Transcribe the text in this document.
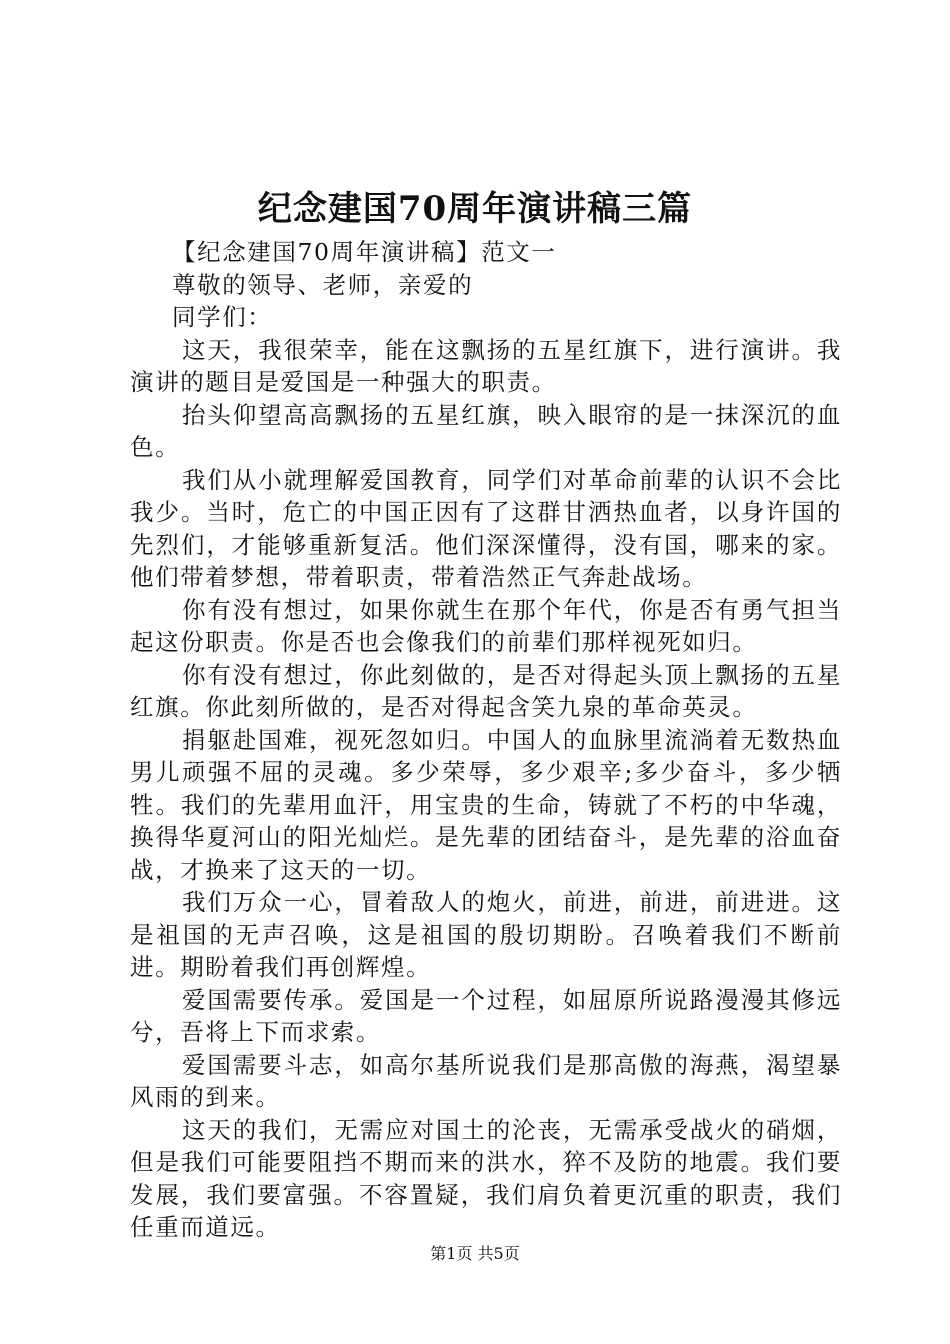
纪念建国70周年演讲稿三篇

【纪念建国70周年演讲稿】范文一

尊敬的领导、老师，亲爱的

同学们：

这天，我很荣幸，能在这飘扬的五星红旗下，进行演讲。我演讲的题目是爱国是一种强大的职责。

抬头仰望高高飘扬的五星红旗，映入眼帘的是一抹深沉的血色。

我们从小就理解爱国教育，同学们对革命前辈的认识不会比我少。当时，危亡的中国正因有了这群甘洒热血者，以身许国的先烈们，才能够重新复活。他们深深懂得，没有国，哪来的家。他们带着梦想，带着职责，带着浩然正气奔赴战场。

你有没有想过，如果你就生在那个年代，你是否有勇气担当起这份职责。你是否也会像我们的前辈们那样视死如归。

你有没有想过，你此刻做的，是否对得起头顶上飘扬的五星红旗。你此刻所做的，是否对得起含笑九泉的革命英灵。

捐躯赴国难，视死忽如归。中国人的血脉里流淌着无数热血男儿顽强不屈的灵魂。多少荣辱，多少艰辛;多少奋斗，多少牺牲。我们的先辈用血汗，用宝贵的生命，铸就了不朽的中华魂，换得华夏河山的阳光灿烂。是先辈的团结奋斗，是先辈的浴血奋战，才换来了这天的一切。

我们万众一心，冒着敌人的炮火，前进，前进，前进进。这是祖国的无声召唤，这是祖国的殷切期盼。召唤着我们不断前进。期盼着我们再创辉煌。

爱国需要传承。爱国是一个过程，如屈原所说路漫漫其修远兮，吾将上下而求索。

爱国需要斗志，如高尔基所说我们是那高傲的海燕，渴望暴风雨的到来。

这天的我们，无需应对国土的沦丧，无需承受战火的硝烟，但是我们可能要阻挡不期而来的洪水，猝不及防的地震。我们要发展，我们要富强。不容置疑，我们肩负着更沉重的职责，我们任重而道远。

第1页 共5页
